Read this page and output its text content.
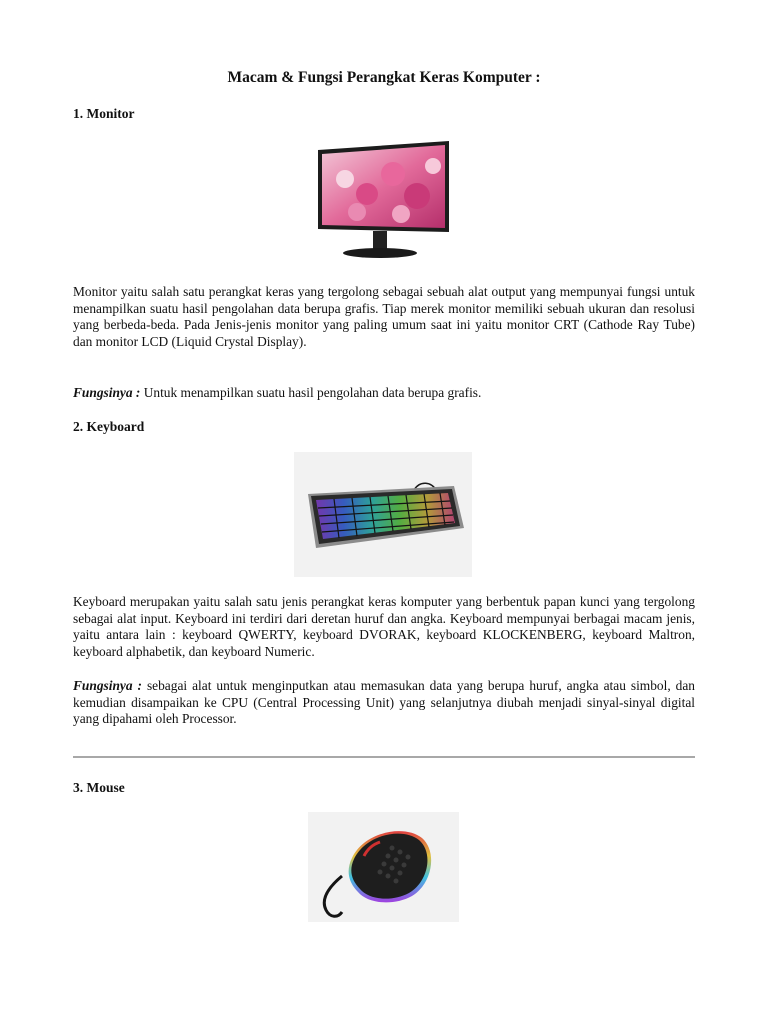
Macam & Fungsi Perangkat Keras Komputer :
1. Monitor

Monitor yaitu salah satu perangkat keras yang tergolong sebagai sebuah alat output yang mempunyai fungsi untuk menampilkan suatu hasil pengolahan data berupa grafis. Tiap merek monitor memiliki sebuah ukuran dan resolusi yang berbeda-beda. Pada Jenis-jenis monitor yang paling umum saat ini yaitu monitor CRT (Cathode Ray Tube) dan monitor LCD (Liquid Crystal Display).

Fungsinya : Untuk menampilkan suatu hasil pengolahan data berupa grafis.

2. Keyboard

Keyboard merupakan yaitu salah satu jenis perangkat keras komputer yang berbentuk papan kunci yang tergolong sebagai alat input. Keyboard ini terdiri dari deretan huruf dan angka. Keyboard mempunyai berbagai macam jenis, yaitu antara lain : keyboard QWERTY, keyboard DVORAK, keyboard KLOCKENBERG, keyboard Maltron, keyboard alphabetik, dan keyboard Numeric.

Fungsinya : sebagai alat untuk menginputkan atau memasukan data yang berupa huruf, angka atau simbol, dan kemudian disampaikan ke CPU (Central Processing Unit) yang selanjutnya diubah menjadi sinyal-sinyal digital yang dipahami oleh Processor.

3. Mouse
